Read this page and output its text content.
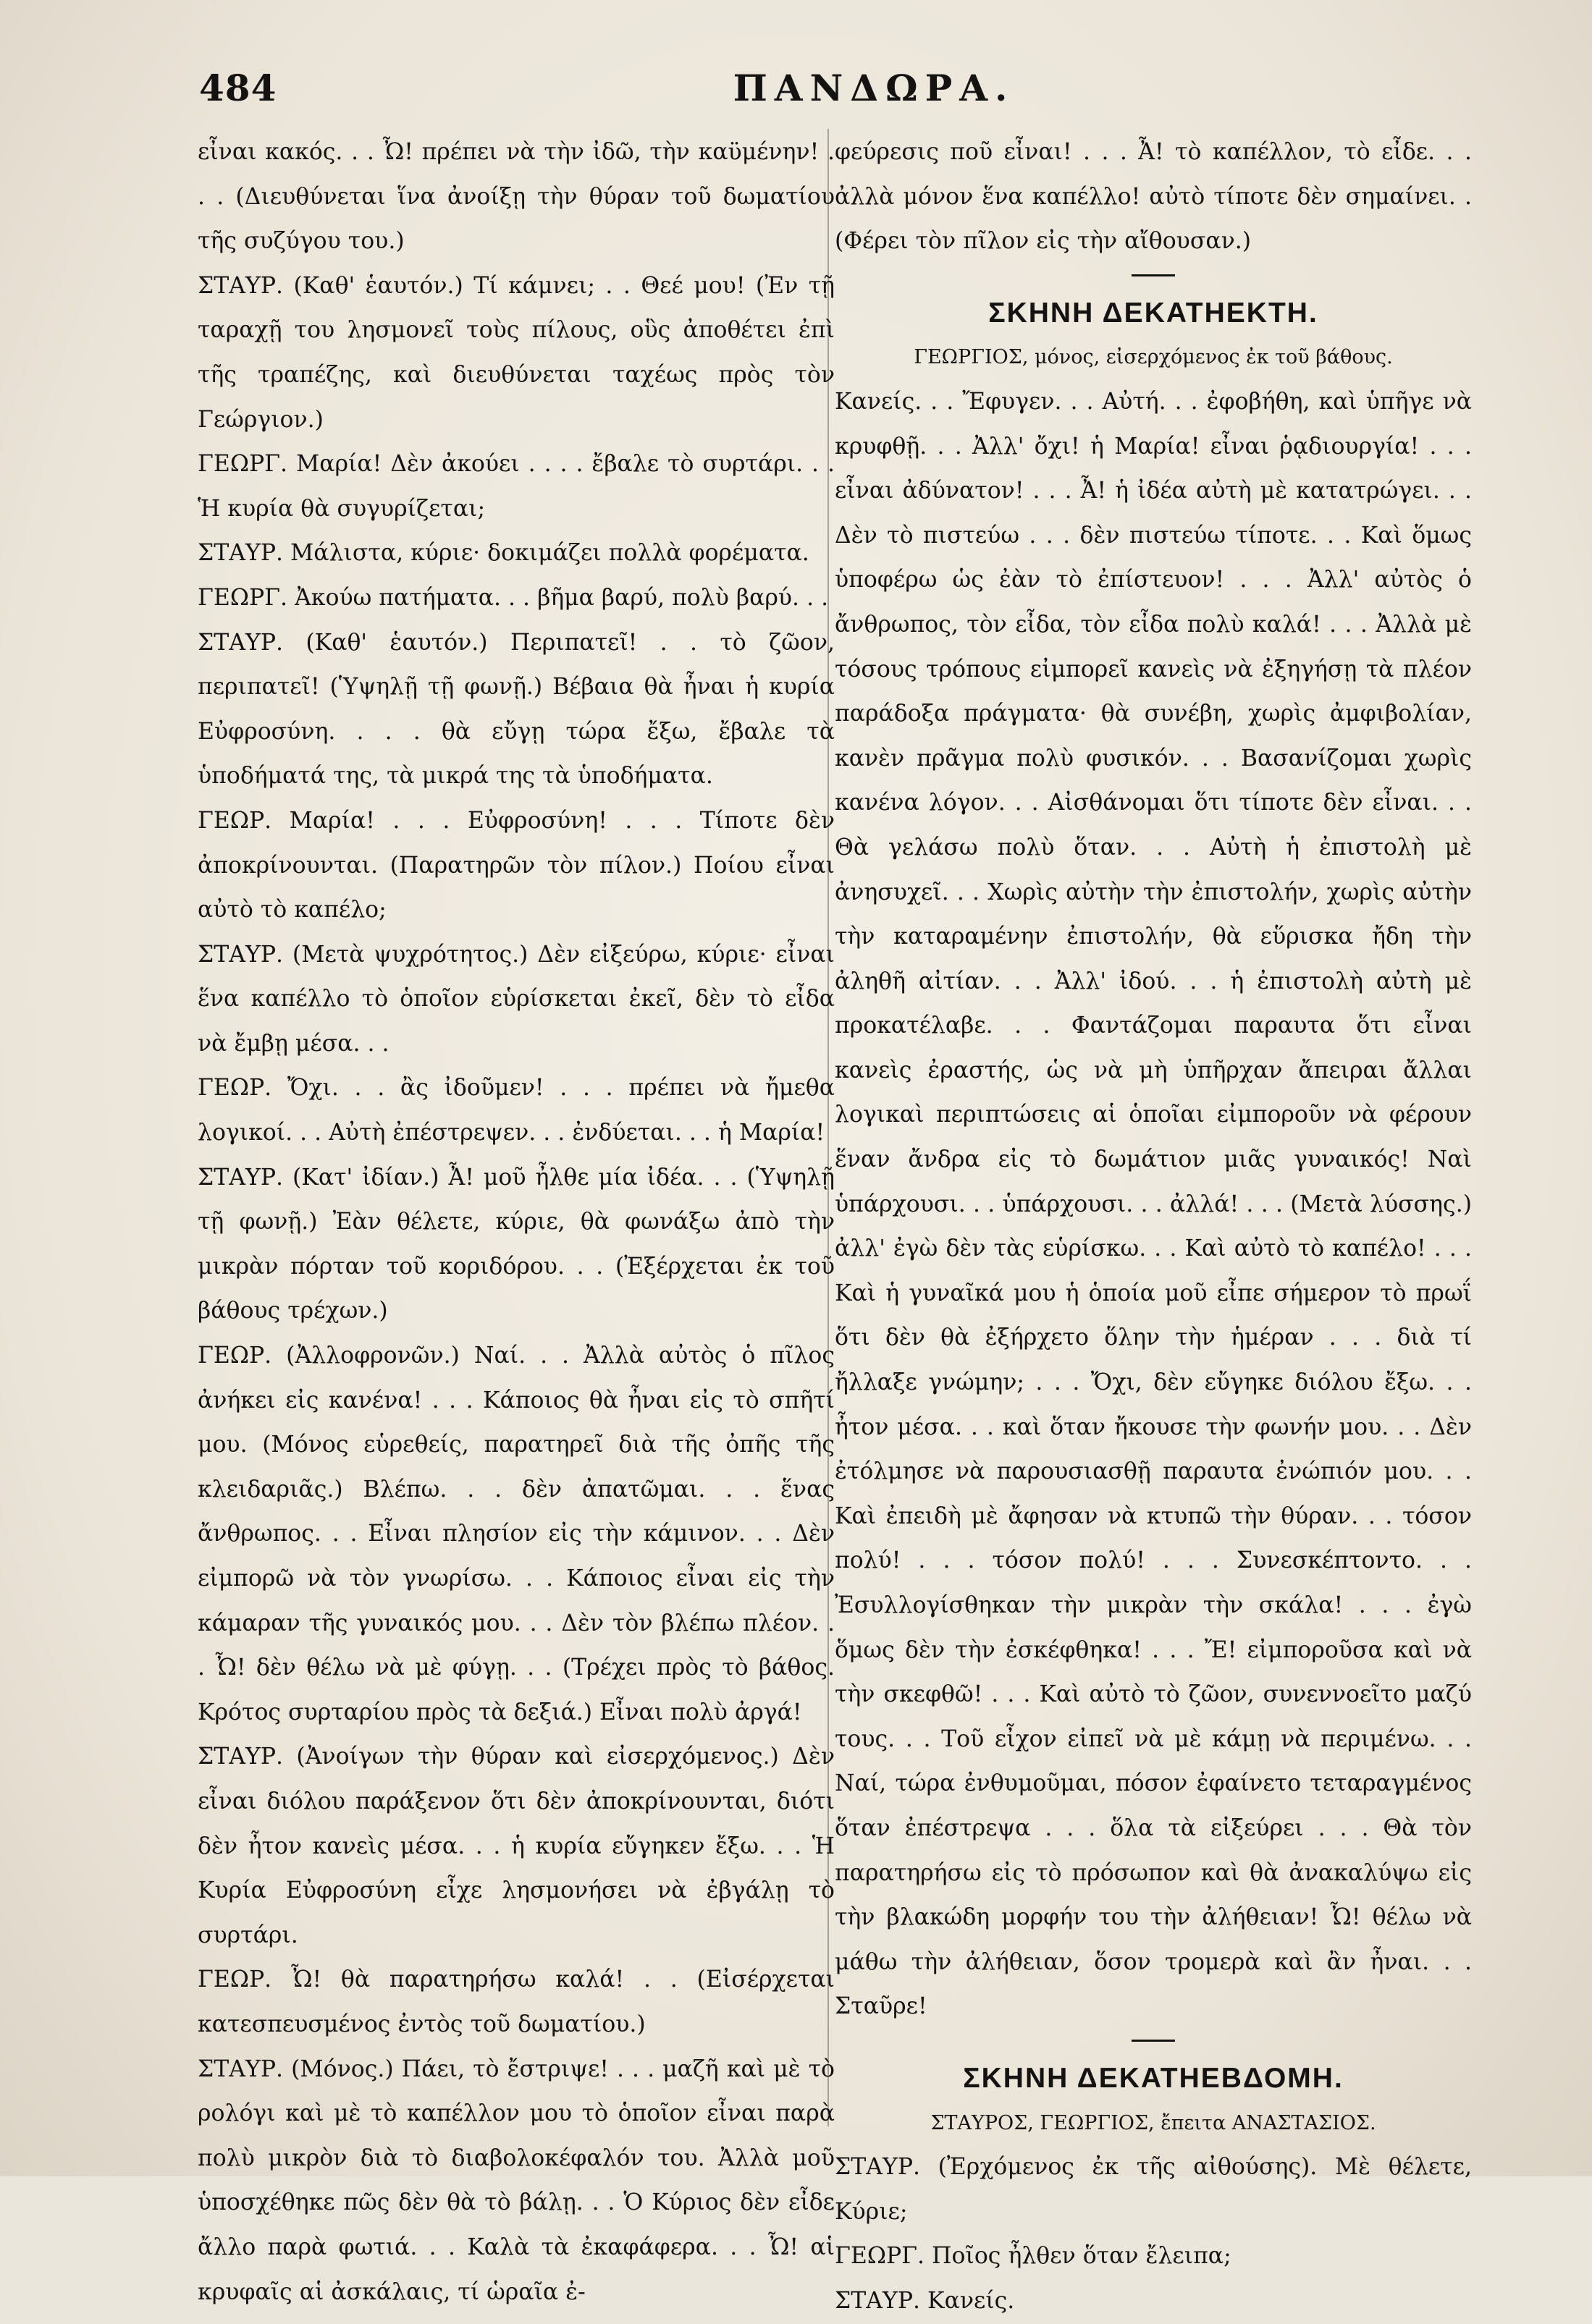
484	ΠΑΝΔΩΡΑ.

εἶναι κακός. . . Ὦ! πρέπει νὰ τὴν ἰδῶ, τὴν καϋμένην! . . . (Διευθύνεται ἵνα ἀνοίξῃ τὴν θύραν τοῦ δωματίου τῆς συζύγου του.)

ΣΤΑΥΡ. (Καθ' ἑαυτόν.) Τί κάμνει; . . Θεέ μου! (Ἐν τῇ ταραχῇ του λησμονεῖ τοὺς πίλους, οὓς ἀποθέτει ἐπὶ τῆς τραπέζης, καὶ διευθύνεται ταχέως πρὸς τὸν Γεώργιον.)

ΓΕΩΡΓ. Μαρία! Δὲν ἀκούει . . . . ἔβαλε τὸ συρτάρι. . . Ἡ κυρία θὰ συγυρίζεται;

ΣΤΑΥΡ. Μάλιστα, κύριε· δοκιμάζει πολλὰ φορέματα.

ΓΕΩΡΓ. Ἀκούω πατήματα. . . βῆμα βαρύ, πολὺ βαρύ. . .

ΣΤΑΥΡ. (Καθ' ἑαυτόν.) Περιπατεῖ! . . τὸ ζῶον, περιπατεῖ! (Ὑψηλῇ τῇ φωνῇ.) Βέβαια θὰ ἦναι ἡ κυρία Εὐφροσύνη. . . . θὰ εὔγῃ τώρα ἔξω, ἔβαλε τὰ ὑποδήματά της, τὰ μικρά της τὰ ὑποδήματα.

ΓΕΩΡ. Μαρία! . . . Εὐφροσύνη! . . . Τίποτε δὲν ἀποκρίνουνται. (Παρατηρῶν τὸν πίλον.) Ποίου εἶναι αὐτὸ τὸ καπέλο;

ΣΤΑΥΡ. (Μετὰ ψυχρότητος.) Δὲν εἰξεύρω, κύριε· εἶναι ἕνα καπέλλο τὸ ὁποῖον εὑρίσκεται ἐκεῖ, δὲν τὸ εἶδα νὰ ἔμβῃ μέσα. . .

ΓΕΩΡ. Ὄχι. . . ἂς ἰδοῦμεν! . . . πρέπει νὰ ἤμεθα λογικοί. . . Αὐτὴ ἐπέστρεψεν. . . ἐνδύεται. . . ἡ Μαρία!

ΣΤΑΥΡ. (Κατ' ἰδίαν.) Ἆ! μοῦ ἦλθε μία ἰδέα. . . (Ὑψηλῇ τῇ φωνῇ.) Ἐὰν θέλετε, κύριε, θὰ φωνάξω ἀπὸ τὴν μικρὰν πόρταν τοῦ κοριδόρου. . . (Ἐξέρχεται ἐκ τοῦ βάθους τρέχων.)

ΓΕΩΡ. (Ἀλλοφρονῶν.) Ναί. . . Ἀλλὰ αὐτὸς ὁ πῖλος ἀνήκει εἰς κανένα! . . . Κάποιος θὰ ἦναι εἰς τὸ σπῆτί μου. (Μόνος εὑρεθείς, παρατηρεῖ διὰ τῆς ὀπῆς τῆς κλειδαριᾶς.) Βλέπω. . . δὲν ἀπατῶμαι. . . ἕνας ἄνθρωπος. . . Εἶναι πλησίον εἰς τὴν κάμινον. . . Δὲν εἰμπορῶ νὰ τὸν γνωρίσω. . . Κάποιος εἶναι εἰς τὴν κάμαραν τῆς γυναικός μου. . . Δὲν τὸν βλέπω πλέον. . . Ὦ! δὲν θέλω νὰ μὲ φύγῃ. . . (Τρέχει πρὸς τὸ βάθος. Κρότος συρταρίου πρὸς τὰ δεξιά.) Εἶναι πολὺ ἀργά!

ΣΤΑΥΡ. (Ἀνοίγων τὴν θύραν καὶ εἰσερχόμενος.) Δὲν εἶναι διόλου παράξενον ὅτι δὲν ἀποκρίνουνται, διότι δὲν ἦτον κανεὶς μέσα. . . ἡ κυρία εὔγηκεν ἔξω. . . Ἡ Κυρία Εὐφροσύνη εἶχε λησμονήσει νὰ ἐβγάλῃ τὸ συρτάρι.

ΓΕΩΡ. Ὦ! θὰ παρατηρήσω καλά! . . (Εἰσέρχεται κατεσπευσμένος ἐντὸς τοῦ δωματίου.)

ΣΤΑΥΡ. (Μόνος.) Πάει, τὸ ἔστριψε! . . . μαζῆ καὶ μὲ τὸ ρολόγι καὶ μὲ τὸ καπέλλον μου τὸ ὁποῖον εἶναι παρὰ πολὺ μικρὸν διὰ τὸ διαβολοκέφαλόν του. Ἀλλὰ μοῦ ὑποσχέθηκε πῶς δὲν θὰ τὸ βάλῃ. . . Ὁ Κύριος δὲν εἶδε ἄλλο παρὰ φωτιά. . . Καλὰ τὰ ἐκαφάφερα. . . Ὦ! αἱ κρυφαῖς αἱ ἀσκάλαις, τί ὡραῖα ἐ-

φεύρεσις ποῦ εἶναι! . . . Ἆ! τὸ καπέλλον, τὸ εἶδε. . . ἀλλὰ μόνον ἕνα καπέλλο! αὐτὸ τίποτε δὲν σημαίνει. . (Φέρει τὸν πῖλον εἰς τὴν αἴθουσαν.)

ΣΚΗΝΗ ΔΕΚΑΤΗΕΚΤΗ.

ΓΕΩΡΓΙΟΣ, μόνος, εἰσερχόμενος ἐκ τοῦ βάθους.

Κανείς. . . Ἔφυγεν. . . Αὐτή. . . ἐφοβήθη, καὶ ὑπῆγε νὰ κρυφθῇ. . . Ἀλλ' ὄχι! ἡ Μαρία! εἶναι ῥᾳδιουργία! . . . εἶναι ἀδύνατον! . . . Ἆ! ἡ ἰδέα αὐτὴ μὲ κατατρώγει. . . Δὲν τὸ πιστεύω . . . δὲν πιστεύω τίποτε. . . Καὶ ὅμως ὑποφέρω ὡς ἐὰν τὸ ἐπίστευον! . . . Ἀλλ' αὐτὸς ὁ ἄνθρωπος, τὸν εἶδα, τὸν εἶδα πολὺ καλά! . . . Ἀλλὰ μὲ τόσους τρόπους εἰμπορεῖ κανεὶς νὰ ἐξηγήσῃ τὰ πλέον παράδοξα πράγματα· θὰ συνέβη, χωρὶς ἀμφιβολίαν, κανὲν πρᾶγμα πολὺ φυσικόν. . . Βασανίζομαι χωρὶς κανένα λόγον. . . Αἰσθάνομαι ὅτι τίποτε δὲν εἶναι. . . Θὰ γελάσω πολὺ ὅταν. . . Αὐτὴ ἡ ἐπιστολὴ μὲ ἀνησυχεῖ. . . Χωρὶς αὐτὴν τὴν ἐπιστολήν, χωρὶς αὐτὴν τὴν καταραμένην ἐπιστολήν, θὰ εὕρισκα ἤδη τὴν ἀληθῆ αἰτίαν. . . Ἀλλ' ἰδού. . . ἡ ἐπιστολὴ αὐτὴ μὲ προκατέλαβε. . . Φαντάζομαι παραυτα ὅτι εἶναι κανεὶς ἐραστής, ὡς νὰ μὴ ὑπῆρχαν ἄπειραι ἄλλαι λογικαὶ περιπτώσεις αἱ ὁποῖαι εἰμποροῦν νὰ φέρουν ἕναν ἄνδρα εἰς τὸ δωμάτιον μιᾶς γυναικός! Ναὶ ὑπάρχουσι. . . ὑπάρχουσι. . . ἀλλά! . . . (Μετὰ λύσσης.) ἀλλ' ἐγὼ δὲν τὰς εὑρίσκω. . . Καὶ αὐτὸ τὸ καπέλο! . . . Καὶ ἡ γυναῖκά μου ἡ ὁποία μοῦ εἶπε σήμερον τὸ πρωΐ ὅτι δὲν θὰ ἐξήρχετο ὅλην τὴν ἡμέραν . . . διὰ τί ἤλλαξε γνώμην; . . . Ὄχι, δὲν εὔγηκε διόλου ἔξω. . . ἦτον μέσα. . . καὶ ὅταν ἤκουσε τὴν φωνήν μου. . . Δὲν ἐτόλμησε νὰ παρουσιασθῇ παραυτα ἐνώπιόν μου. . . Καὶ ἐπειδὴ μὲ ἄφησαν νὰ κτυπῶ τὴν θύραν. . . τόσον πολύ! . . . τόσον πολύ! . . . Συνεσκέπτοντο. . . Ἐσυλλογίσθηκαν τὴν μικρὰν τὴν σκάλα! . . . ἐγὼ ὅμως δὲν τὴν ἐσκέφθηκα! . . . Ἔ! εἰμποροῦσα καὶ νὰ τὴν σκεφθῶ! . . . Καὶ αὐτὸ τὸ ζῶον, συνεννοεῖτο μαζύ τους. . . Τοῦ εἶχον εἰπεῖ νὰ μὲ κάμῃ νὰ περιμένω. . . Ναί, τώρα ἐνθυμοῦμαι, πόσον ἐφαίνετο τεταραγμένος ὅταν ἐπέστρεψα . . . ὅλα τὰ εἰξεύρει . . . Θὰ τὸν παρατηρήσω εἰς τὸ πρόσωπον καὶ θὰ ἀνακαλύψω εἰς τὴν βλακώδη μορφήν του τὴν ἀλήθειαν! Ὦ! θέλω νὰ μάθω τὴν ἀλήθειαν, ὅσον τρομερὰ καὶ ἂν ἦναι. . . Σταῦρε!

ΣΚΗΝΗ ΔΕΚΑΤΗΕΒΔΟΜΗ.

ΣΤΑΥΡΟΣ, ΓΕΩΡΓΙΟΣ, ἔπειτα ΑΝΑΣΤΑΣΙΟΣ.

ΣΤΑΥΡ. (Ἐρχόμενος ἐκ τῆς αἰθούσης). Μὲ θέλετε, Κύριε;

ΓΕΩΡΓ. Ποῖος ἦλθεν ὅταν ἔλειπα;

ΣΤΑΥΡ. Κανείς.
